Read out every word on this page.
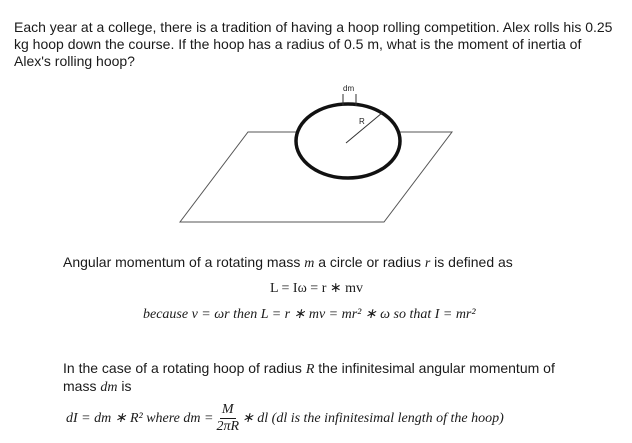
Each year at a college, there is a tradition of having a hoop rolling competition. Alex rolls his 0.25 kg hoop down the course. If the hoop has a radius of 0.5 m, what is the moment of inertia of Alex's rolling hoop?

dm
R

Angular momentum of a rotating mass m a circle or radius r is defined as

L = Iω = r ∗ mv
because v = ωr then L = r ∗ mv = mr² ∗ ω so that I = mr²

In the case of a rotating hoop of radius R the infinitesimal angular momentum of mass dm is

dI = dm ∗ R² where dm = $\frac{M}{2\pi R}$ ∗ dl (dl is the infinitesimal length of the hoop)
